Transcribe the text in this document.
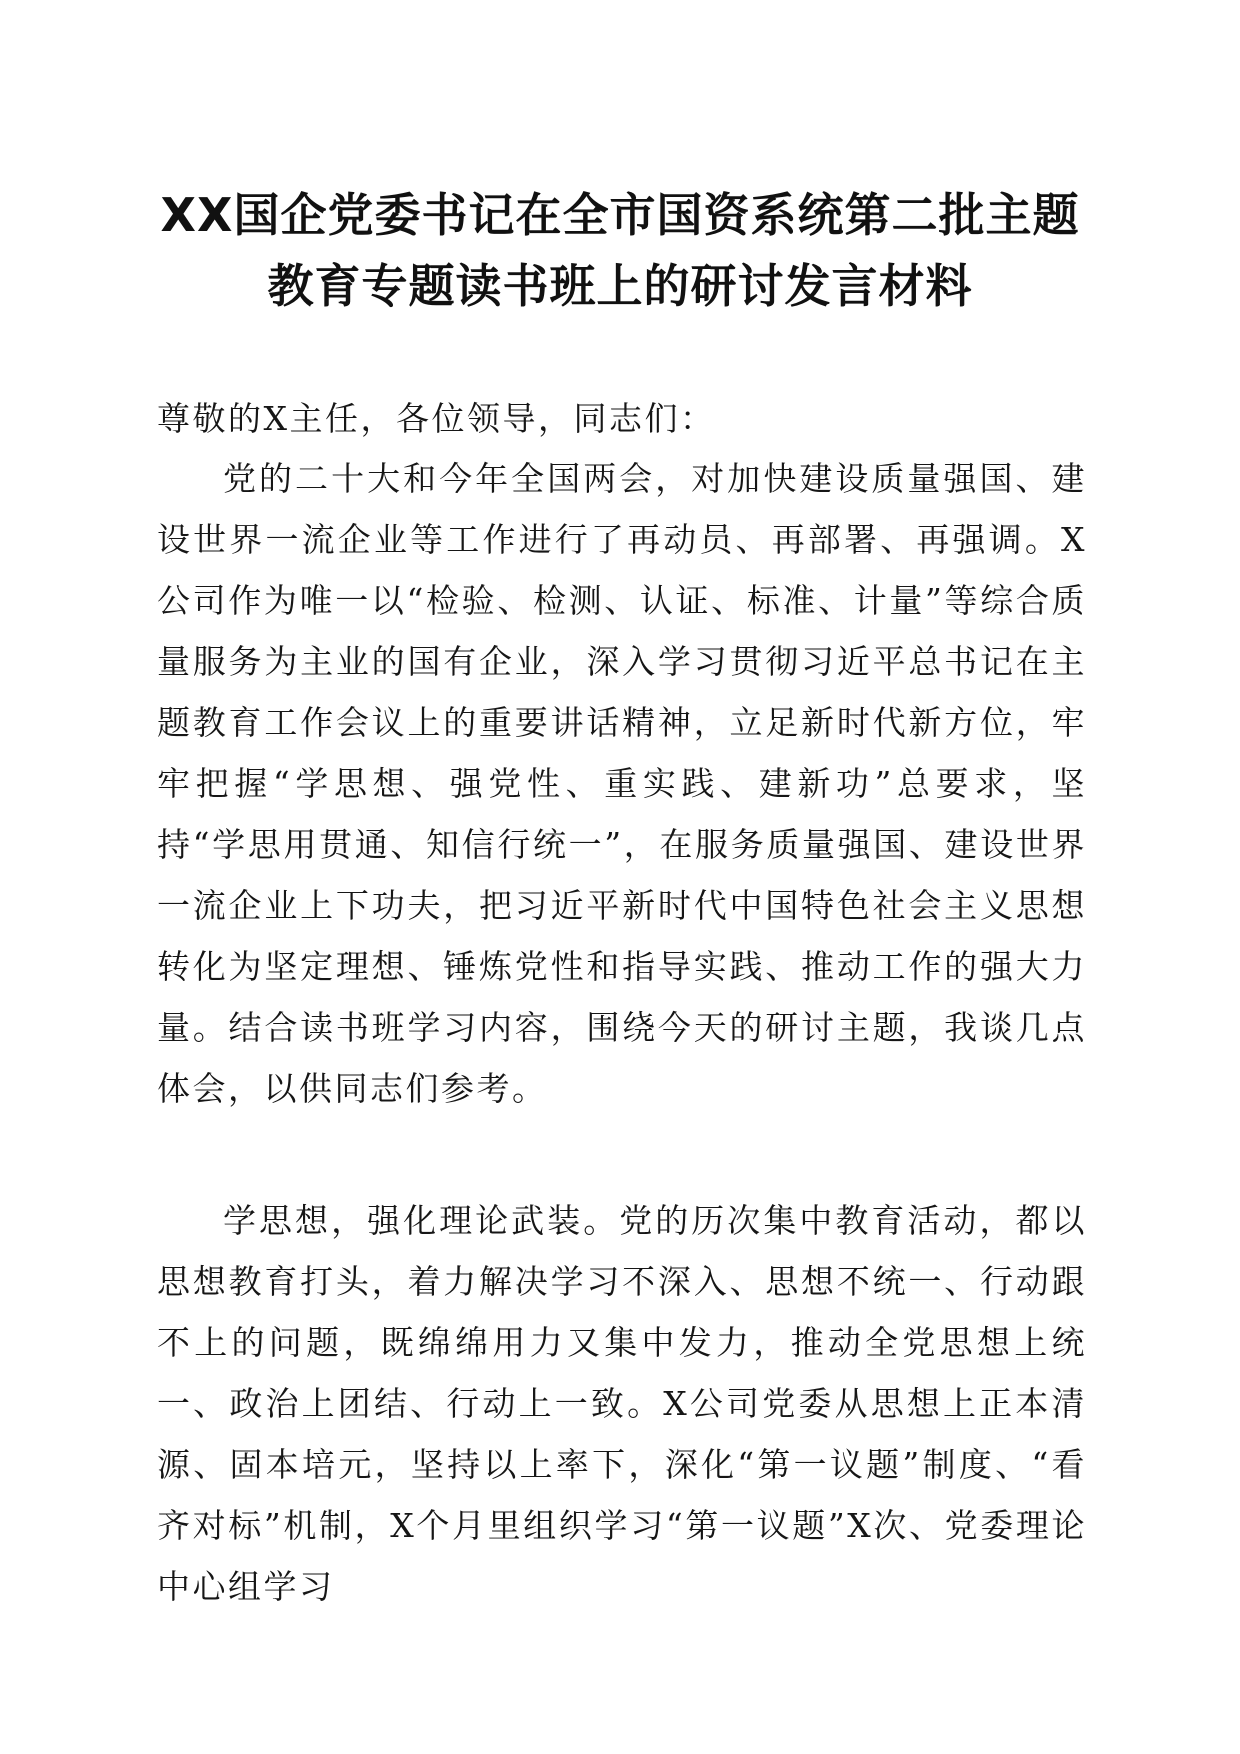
XX国企党委书记在全市国资系统第二批主题
教育专题读书班上的研讨发言材料

尊敬的X主任，各位领导，同志们：

党的二十大和今年全国两会，对加快建设质量强国、建设世界一流企业等工作进行了再动员、再部署、再强调。X公司作为唯一以“检验、检测、认证、标准、计量”等综合质量服务为主业的国有企业，深入学习贯彻习近平总书记在主题教育工作会议上的重要讲话精神，立足新时代新方位，牢牢把握“学思想、强党性、重实践、建新功”总要求，坚持“学思用贯通、知信行统一”，在服务质量强国、建设世界一流企业上下功夫，把习近平新时代中国特色社会主义思想转化为坚定理想、锤炼党性和指导实践、推动工作的强大力量。结合读书班学习内容，围绕今天的研讨主题，我谈几点体会，以供同志们参考。

学思想，强化理论武装。党的历次集中教育活动，都以思想教育打头，着力解决学习不深入、思想不统一、行动跟不上的问题，既绵绵用力又集中发力，推动全党思想上统一、政治上团结、行动上一致。X公司党委从思想上正本清源、固本培元，坚持以上率下，深化“第一议题”制度、“看齐对标”机制，X个月里组织学习“第一议题”X次、党委理论中心组学习
